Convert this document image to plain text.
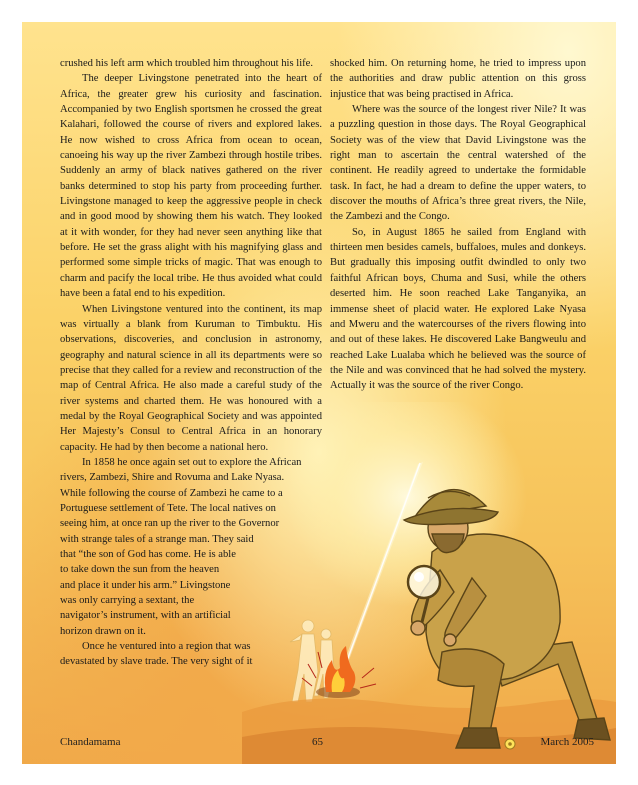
crushed his left arm which troubled him throughout his life.

The deeper Livingstone penetrated into the heart of Africa, the greater grew his curiosity and fascination. Accompanied by two English sportsmen he crossed the great Kalahari, followed the course of rivers and explored lakes. He now wished to cross Africa from ocean to ocean, canoeing his way up the river Zambezi through hostile tribes. Suddenly an army of black natives gathered on the river banks determined to stop his party from proceeding further. Livingstone managed to keep the aggressive people in check and in good mood by showing them his watch. They looked at it with wonder, for they had never seen anything like that before. He set the grass alight with his magnifying glass and performed some simple tricks of magic. That was enough to charm and pacify the local tribe. He thus avoided what could have been a fatal end to his expedition.

When Livingstone ventured into the continent, its map was virtually a blank from Kuruman to Timbuktu. His observations, discoveries, and conclusion in astronomy, geography and natural science in all its departments were so precise that they called for a review and reconstruction of the map of Central Africa. He also made a careful study of the river systems and charted them. He was honoured with a medal by the Royal Geographical Society and was appointed Her Majesty’s Consul to Central Africa in an honorary capacity. He had by then become a national hero.

In 1858 he once again set out to explore the African

rivers, Zambezi, Shire and Rovuma and Lake Nyasa.

While following the course of Zambezi he came to a

Portuguese settlement of Tete. The local natives on

seeing him, at once ran up the river to the Governor

with strange tales of a strange man. They said

that “the son of God has come. He is able

to take down the sun from the heaven

and place it under his arm.” Livingstone

was only carrying a sextant, the

navigator’s instrument, with an artificial

horizon drawn on it.

Once he ventured into a region that was

devastated by slave trade. The very sight of it

shocked him. On returning home, he tried to impress upon the authorities and draw public attention on this gross injustice that was being practised in Africa.

Where was the source of the longest river Nile? It was a puzzling question in those days. The Royal Geographical Society was of the view that David Livingstone was the right man to ascertain the central watershed of the continent. He readily agreed to undertake the formidable task. In fact, he had a dream to define the upper waters, to discover the mouths of Africa’s three great rivers, the Nile, the Zambezi and the Congo.

So, in August 1865 he sailed from England with thirteen men besides camels, buffaloes, mules and donkeys. But gradually this imposing outfit dwindled to only two faithful African boys, Chuma and Susi, while the others deserted him. He soon reached Lake Tanganyika, an immense sheet of placid water. He explored Lake Nyasa and Mweru and the watercourses of the rivers flowing into and out of these lakes. He discovered Lake Bangweulu and reached Lake Lualaba which he believed was the source of the Nile and was convinced that he had solved the mystery. Actually it was the source of the river Congo.

Chandamama	65	March 2005
